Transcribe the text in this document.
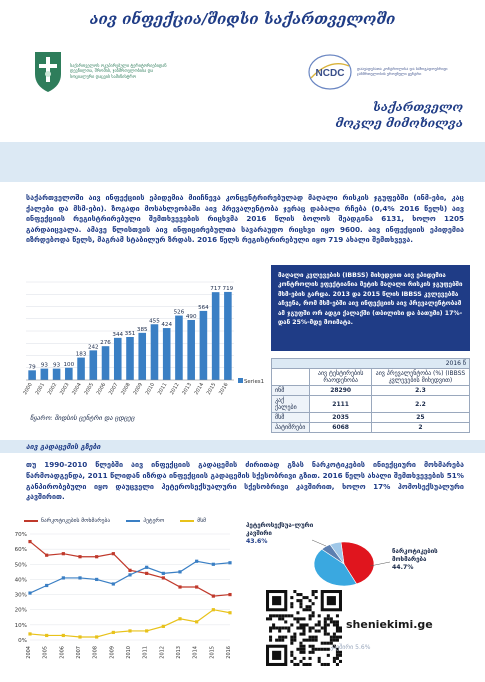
საქართველოს ოკუპირებული ტერიტორიებიდან დევნილთა, შრომის, ჯანმრთელობისა და სოციალური დაცვის სამინისტრო	NCDC	დაავადებათა კონტროლისა და საზოგადოებრივი ჯანმრთელობის ეროვნული ცენტრი
საქართველო
მოკლე მიმოხილვა
აივ ინფექცია/შიდსი საქართველოში
საქართველოში აივ ინფექციის ეპიდემია მიიჩნევა კონცენტრირებულად მაღალი რისკის ჯგუფებში (ინმ-ები, კაც ქალები და მსმ-ები). ზოგადი მოსახლეობაში აივ პრევალენტობა ჯერაც დაბალი რჩება (0,4% 2016 წელს) აივ ინფექციის რეგისტრირებული შემთხვევების რიცხვმა 2016 წლის ბოლოს შეადგინა 6131, ხოლო 1205 გარდაიცვალა. ამავე წლისთვის აივ ინფიცირებულთა სავარაუდო რიცხვი იყო 9600. აივ ინფექციის ეპიდემია იზრდებოდა წელს, მაგრამ სტაბილურ ზრდას. 2016 წელს რეგისტრირებული იყო 719 ახალი შემთხვევა.
79
2000
93
2001
93
2002
100
2003
183
2004
242
2005
276
2006
344
2007
351
2008
385
2009
455
2010
424
2011
526
2012
490
2013
564
2014
717
2015
719
2016	Series1
წყარო: შიდსის ცენტრი და ცდცეც
მაღალი კვლევების (IBBSS) მიხედვით აივ ეპიდემია კონტროლის ეფექტიანია მეტის მაღალი რისკის ჯგუფებში მსმ-ების გარდა. 2013 და 2015 წლის IBBSS კვლევებმა აჩვენა, რომ მსმ-ებში აივ ინფექციის აივ პრევალენტობამ ამ ჯგუფში ორ ადგი ქალაქში (თბილისი და ბათუმი) 17%-დან 25%-მდე მოიმატა.
2016 წ		
	აივ ტესტირების რაოდენობა	აივ პრევალენტობა (%) (IBBSS კვლევების მიხედვით)
ინმ	28290	2.3
კაქ ქალები	2111	2.2
მსმ	2035	25
პატიმრები	6068	2
აივ გადაცემის გზები
თუ 1990-2010 წლებში აივ ინფექციის გადაცემის ძირითად გზას ნარკოტიკების ინიექციური მოხმარება წარმოადგენდა, 2011 წლიდან იზრდა ინფექციის გადაცემის სქესობრივი გზით. 2016 წელს ახალი შემთხვევების 51% განპირობებული იყო დაუცველი ჰეტეროსექსუალური სქესობრივი კავშირით, ხოლო 17% ჰომოსექსუალური კავშირით.
0%
10%
20%
30%
40%
50%
60%
70%
2004 2005 2006 2007 2008 2009 2010 2011 2012 2013 2014 2015 2016
ნარკოტიკების მოხმარება	ჰეტერო	მსმ
ჰეტეროსექსუა-ლური კავშირი
43.6%
ნარკოტიკების მოხმარება
44.7%
sheniekimi.ge
კავშირი 5.6%
